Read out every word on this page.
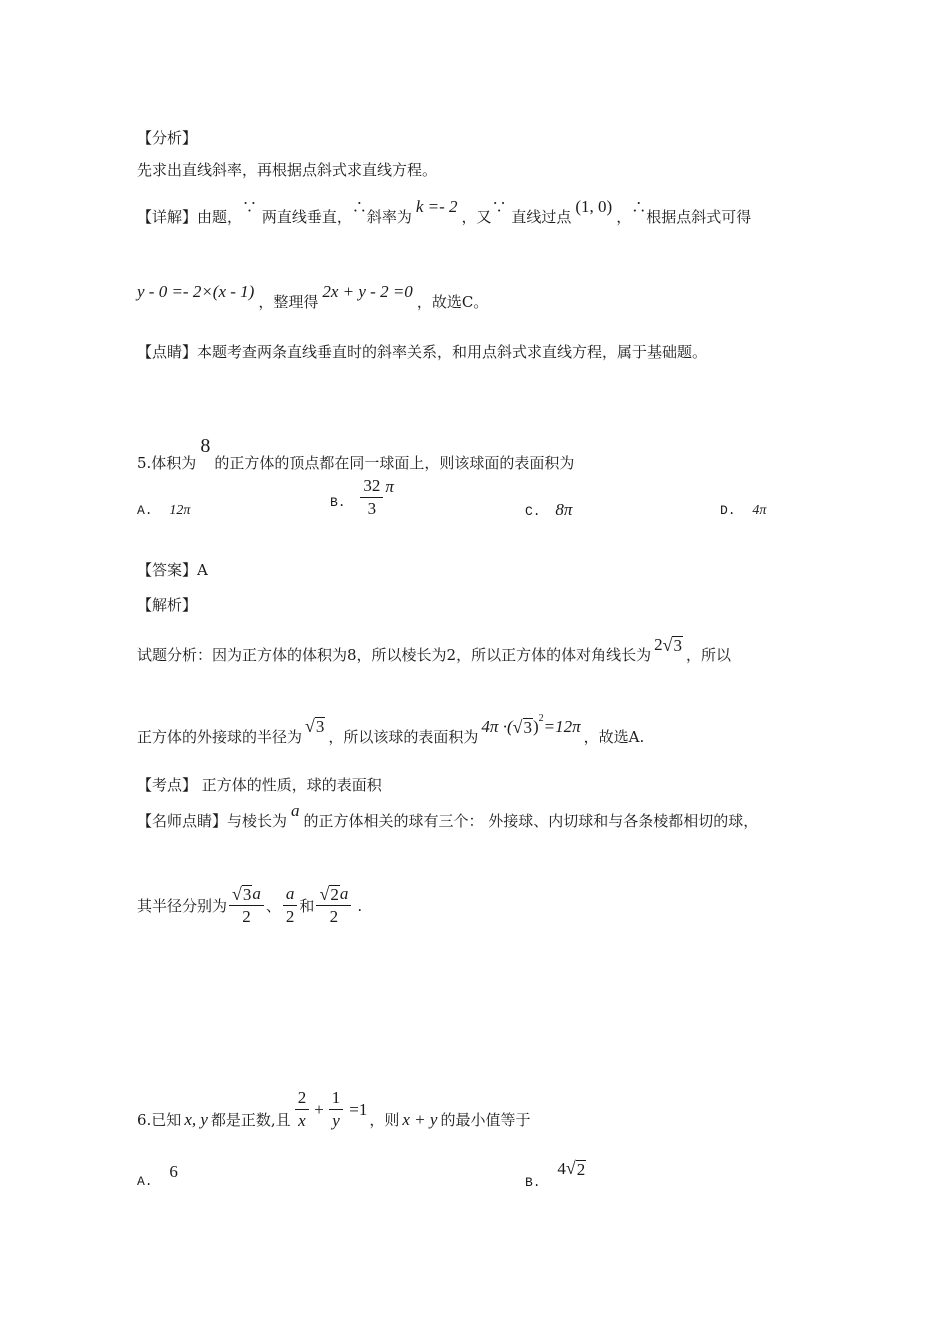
【分析】
先求出直线斜率，再根据点斜式求直线方程。
【详解】由题，∵ 两直线垂直，∴斜率为k =- 2，又∵ 直线过点(1, 0)，∴根据点斜式可得
y - 0 =- 2×(x - 1)，整理得2x + y - 2 =0，故选C。
【点睛】本题考查两条直线垂直时的斜率关系，和用点斜式求直线方程，属于基础题。
5.体积为8的正方体的顶点都在同一球面上，则该球面的表面积为
A. 12π
B. $\frac{32}{3}$ π
C. 8π	D. 4π
【答案】A
【解析】
试题分析：因为正方体的体积为8，所以棱长为2，所以正方体的体对角线长为
2 √ 3 ，所以
正方体的外接球的半径为
√ 3
，所以该球的表面积为
4π ·( √ 3 )$^2$ =12π
，故选A.
【考点】 正方体的性质，球的表面积
【名师点睛】与棱长为a的正方体相关的球有三个： 外接球、内切球和与各条棱都相切的球，
其半径分别为 $\frac{√ 3 a}{2}$ 、 $\frac{a}{2}$ 和 $\frac{√ 2 a}{2}$ .
6.已知 x, y 都是正数,且 $\frac{2}{x} + \frac{1}{y} =1$
，则 x + y 的最小值等于
A. 6
B.
4 √ 2
